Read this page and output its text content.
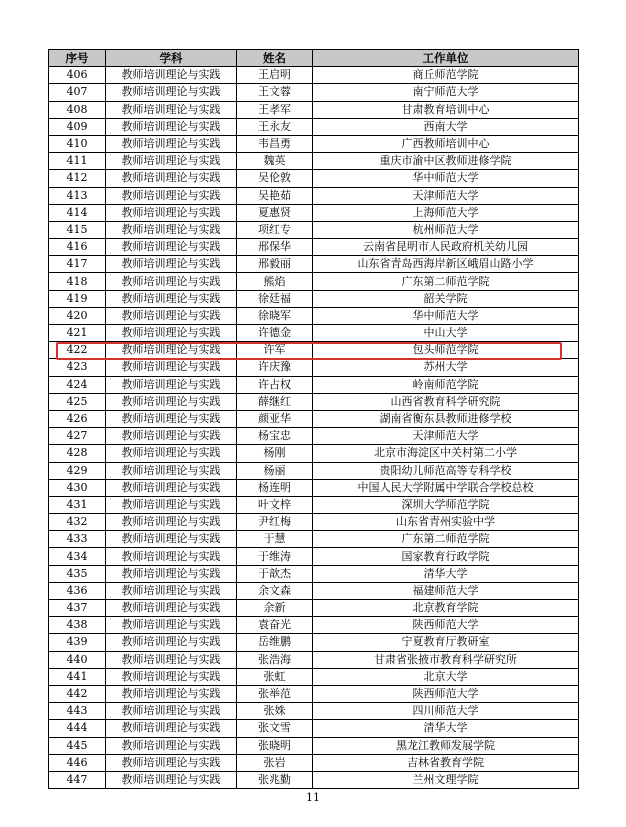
序号	学科	姓名	工作单位
406	教师培训理论与实践	王启明	商丘师范学院
407	教师培训理论与实践	王文蓉	南宁师范大学
408	教师培训理论与实践	王孝军	甘肃教育培训中心
409	教师培训理论与实践	王永友	西南大学
410	教师培训理论与实践	韦昌勇	广西教师培训中心
411	教师培训理论与实践	魏英	重庆市渝中区教师进修学院
412	教师培训理论与实践	吴伦敦	华中师范大学
413	教师培训理论与实践	吴艳茹	天津师范大学
414	教师培训理论与实践	夏惠贤	上海师范大学
415	教师培训理论与实践	项红专	杭州师范大学
416	教师培训理论与实践	邢保华	云南省昆明市人民政府机关幼儿园
417	教师培训理论与实践	邢毅丽	山东省青岛西海岸新区峨眉山路小学
418	教师培训理论与实践	熊焰	广东第二师范学院
419	教师培训理论与实践	徐廷福	韶关学院
420	教师培训理论与实践	徐晓军	华中师范大学
421	教师培训理论与实践	许德金	中山大学
422	教师培训理论与实践	许军	包头师范学院
423	教师培训理论与实践	许庆豫	苏州大学
424	教师培训理论与实践	许占权	岭南师范学院
425	教师培训理论与实践	薛继红	山西省教育科学研究院
426	教师培训理论与实践	颜亚华	湖南省衡东县教师进修学校
427	教师培训理论与实践	杨宝忠	天津师范大学
428	教师培训理论与实践	杨刚	北京市海淀区中关村第二小学
429	教师培训理论与实践	杨丽	贵阳幼儿师范高等专科学校
430	教师培训理论与实践	杨连明	中国人民大学附属中学联合学校总校
431	教师培训理论与实践	叶文梓	深圳大学师范学院
432	教师培训理论与实践	尹红梅	山东省青州实验中学
433	教师培训理论与实践	于慧	广东第二师范学院
434	教师培训理论与实践	于维涛	国家教育行政学院
435	教师培训理论与实践	于歆杰	清华大学
436	教师培训理论与实践	余文森	福建师范大学
437	教师培训理论与实践	余新	北京教育学院
438	教师培训理论与实践	袁奋光	陕西师范大学
439	教师培训理论与实践	岳维鹏	宁夏教育厅教研室
440	教师培训理论与实践	张浩海	甘肃省张掖市教育科学研究所
441	教师培训理论与实践	张虹	北京大学
442	教师培训理论与实践	张举范	陕西师范大学
443	教师培训理论与实践	张姝	四川师范大学
444	教师培训理论与实践	张文雪	清华大学
445	教师培训理论与实践	张晓明	黑龙江教师发展学院
446	教师培训理论与实践	张岩	吉林省教育学院
447	教师培训理论与实践	张兆勤	兰州文理学院
11
